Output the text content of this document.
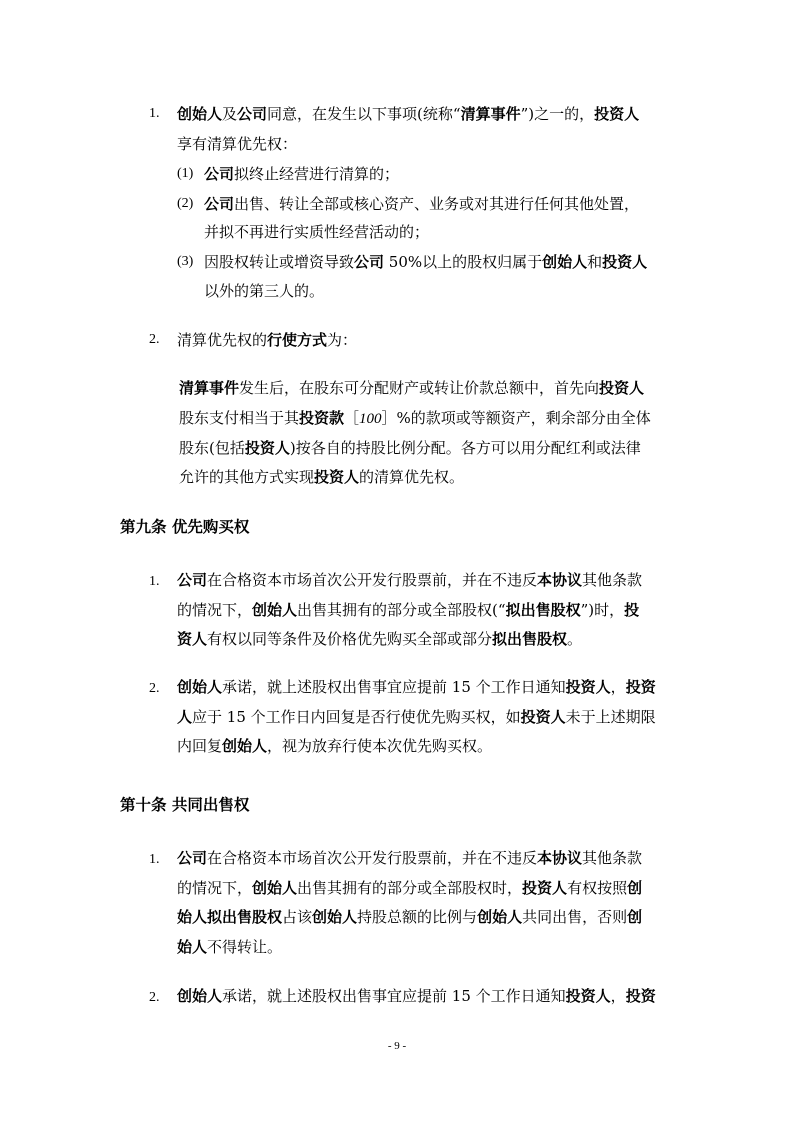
1. 创始人及公司同意，在发生以下事项(统称“清算事件”)之一的，投资人
享有清算优先权：
(1) 公司拟终止经营进行清算的；
(2) 公司出售、转让全部或核心资产、业务或对其进行任何其他处置，
并拟不再进行实质性经营活动的；
(3) 因股权转让或增资导致公司 50%以上的股权归属于创始人和投资人
以外的第三人的。
2. 清算优先权的行使方式为：
清算事件发生后，在股东可分配财产或转让价款总额中，首先向投资人
股东支付相当于其投资款［100］%的款项或等额资产，剩余部分由全体
股东(包括投资人)按各自的持股比例分配。各方可以用分配红利或法律
允许的其他方式实现投资人的清算优先权。
第九条 优先购买权
1. 公司在合格资本市场首次公开发行股票前，并在不违反本协议其他条款
的情况下，创始人出售其拥有的部分或全部股权(“拟出售股权”)时，投
资人有权以同等条件及价格优先购买全部或部分拟出售股权。
2. 创始人承诺，就上述股权出售事宜应提前 15 个工作日通知投资人，投资
人应于 15 个工作日内回复是否行使优先购买权，如投资人未于上述期限
内回复创始人，视为放弃行使本次优先购买权。
第十条 共同出售权
1. 公司在合格资本市场首次公开发行股票前，并在不违反本协议其他条款
的情况下，创始人出售其拥有的部分或全部股权时，投资人有权按照创
始人拟出售股权占该创始人持股总额的比例与创始人共同出售，否则创
始人不得转让。
2. 创始人承诺，就上述股权出售事宜应提前 15 个工作日通知投资人，投资
- 9 -
